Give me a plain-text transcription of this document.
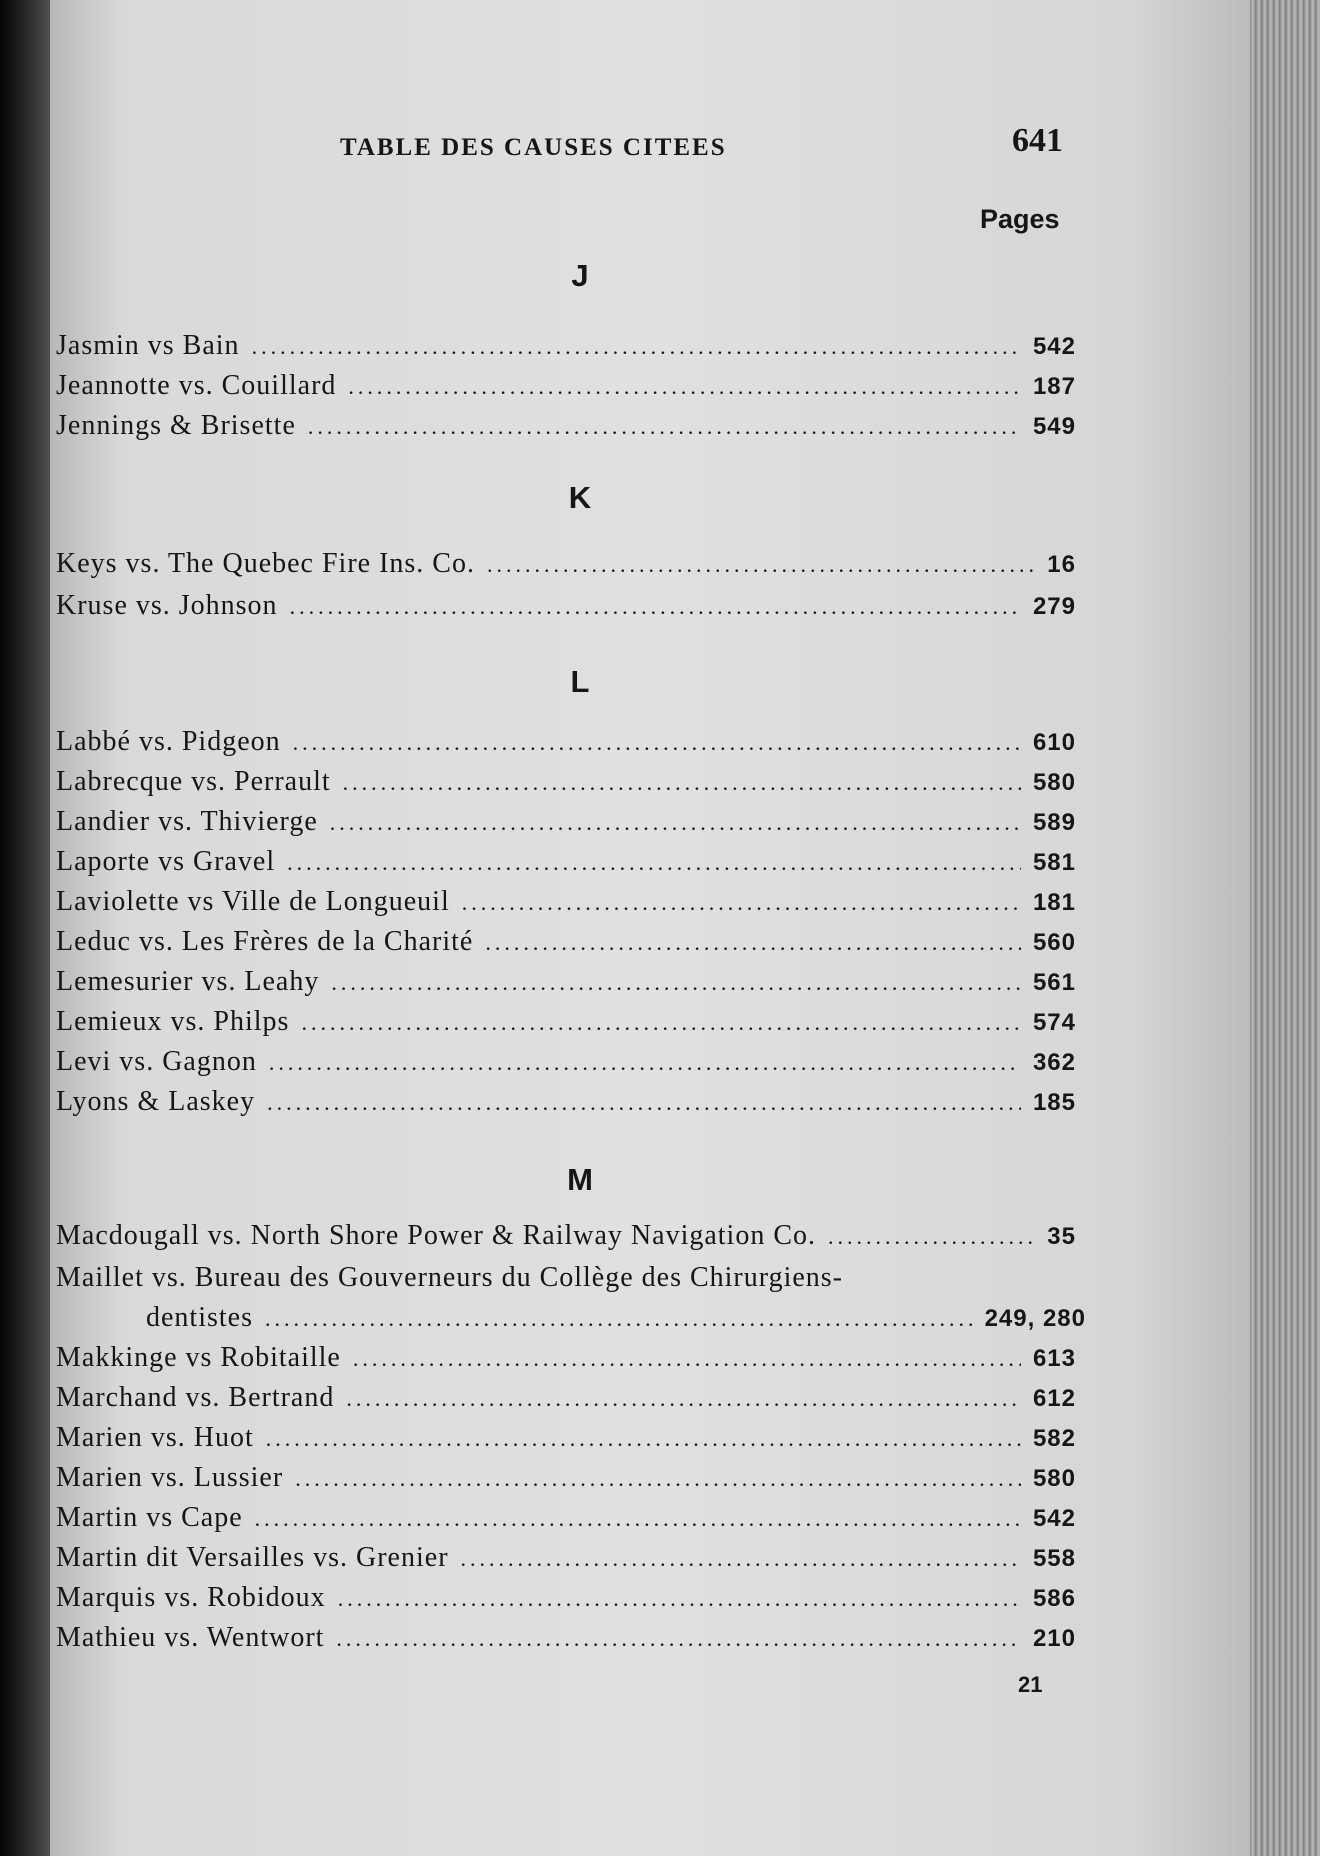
TABLE DES CAUSES CITEES	641
Pages
J
K
L
M
Jasmin vs Bain .....	542
Jeannotte vs. Couillard .....	187
Jennings & Brisette .....	549
Keys vs. The Quebec Fire Ins. Co. .....	16
Kruse vs. Johnson .....	279
Labbé vs. Pidgeon .....	610
Labrecque vs. Perrault .....	580
Landier vs. Thivierge .....	589
Laporte vs Gravel .....	581
Laviolette vs Ville de Longueuil .....	181
Leduc vs. Les Frères de la Charité .....	560
Lemesurier vs. Leahy .....	561
Lemieux vs. Philps .....	574
Levi vs. Gagnon .....	362
Lyons & Laskey .....	185
Macdougall vs. North Shore Power & Railway Navigation Co. .....	35
Maillet vs. Bureau des Gouverneurs du Collège des Chirurgiens-
dentistes .....	249, 280
Makkinge vs Robitaille .....	613
Marchand vs. Bertrand .....	612
Marien vs. Huot .....	582
Marien vs. Lussier .....	580
Martin vs Cape .....	542
Martin dit Versailles vs. Grenier .....	558
Marquis vs. Robidoux .....	586
Mathieu vs. Wentwort .....	210
21
